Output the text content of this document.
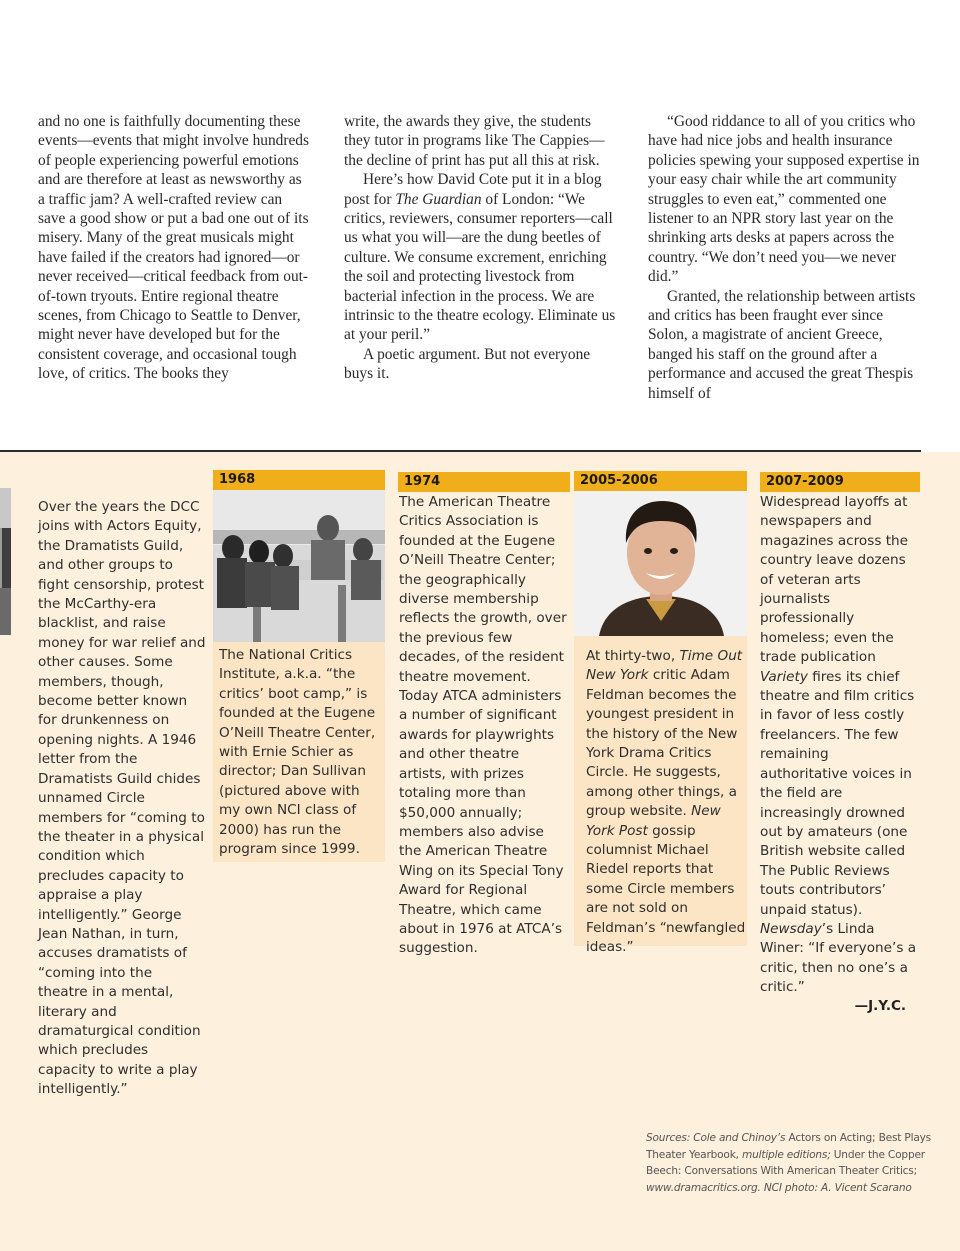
and no one is faithfully documenting these events—events that might involve hundreds of people experiencing powerful emotions and are therefore at least as newsworthy as a traffic jam? A well-crafted review can save a good show or put a bad one out of its misery. Many of the great musicals might have failed if the creators had ignored—or never received—critical feedback from out-of-town tryouts. Entire regional theatre scenes, from Chicago to Seattle to Denver, might never have developed but for the consistent coverage, and occasional tough love, of critics. The books they

write, the awards they give, the students they tutor in programs like The Cappies—the decline of print has put all this at risk.

Here’s how David Cote put it in a blog post for The Guardian of London: “We critics, reviewers, consumer reporters—call us what you will—are the dung beetles of culture. We consume excrement, enriching the soil and protecting livestock from bacterial infection in the process. We are intrinsic to the theatre ecology. Eliminate us at your peril.”

A poetic argument. But not everyone buys it.

“Good riddance to all of you critics who have had nice jobs and health insurance policies spewing your supposed expertise in your easy chair while the art community struggles to even eat,” commented one listener to an NPR story last year on the shrinking arts desks at papers across the country. “We don’t need you—we never did.”

Granted, the relationship between artists and critics has been fraught ever since Solon, a magistrate of ancient Greece, banged his staff on the ground after a performance and accused the great Thespis himself of

Over the years the DCC joins with Actors Equity, the Dramatists Guild, and other groups to fight censorship, protest the McCarthy-era blacklist, and raise money for war relief and other causes. Some members, though, become better known for drunkenness on opening nights. A 1946 letter from the Dramatists Guild chides unnamed Circle members for “coming to the theater in a physical condition which precludes capacity to appraise a play intelligently.” George Jean Nathan, in turn, accuses dramatists of “coming into the theatre in a mental, literary and dramaturgical condition which precludes capacity to write a play intelligently.”

1968

The National Critics Institute, a.k.a. “the critics’ boot camp,” is founded at the Eugene O’Neill Theatre Center, with Ernie Schier as director; Dan Sullivan (pictured above with my own NCI class of 2000) has run the program since 1999.

1974

The American Theatre Critics Association is founded at the Eugene O’Neill Theatre Center; the geographically diverse membership reflects the growth, over the previous few decades, of the resident theatre movement. Today ATCA administers a number of significant awards for playwrights and other theatre artists, with prizes totaling more than $50,000 annually; members also advise the American Theatre Wing on its Special Tony Award for Regional Theatre, which came about in 1976 at ATCA’s suggestion.

2005-2006

At thirty-two, Time Out New York critic Adam Feldman becomes the youngest president in the history of the New York Drama Critics Circle. He suggests, among other things, a group website. New York Post gossip columnist Michael Riedel reports that some Circle members are not sold on Feldman’s “newfangled ideas.”

2007-2009

Widespread layoffs at newspapers and magazines across the country leave dozens of veteran arts journalists professionally homeless; even the trade publication Variety fires its chief theatre and film critics in favor of less costly freelancers. The few remaining authoritative voices in the field are increasingly drowned out by amateurs (one British website called The Public Reviews touts contributors’ unpaid status). Newsday’s Linda Winer: “If everyone’s a critic, then no one’s a critic.”

—J.Y.C.
Sources: Cole and Chinoy’s Actors on Acting; Best Plays Theater Yearbook, multiple editions; Under the Copper Beech: Conversations With American Theater Critics; www.dramacritics.org. NCI photo: A. Vicent Scarano
